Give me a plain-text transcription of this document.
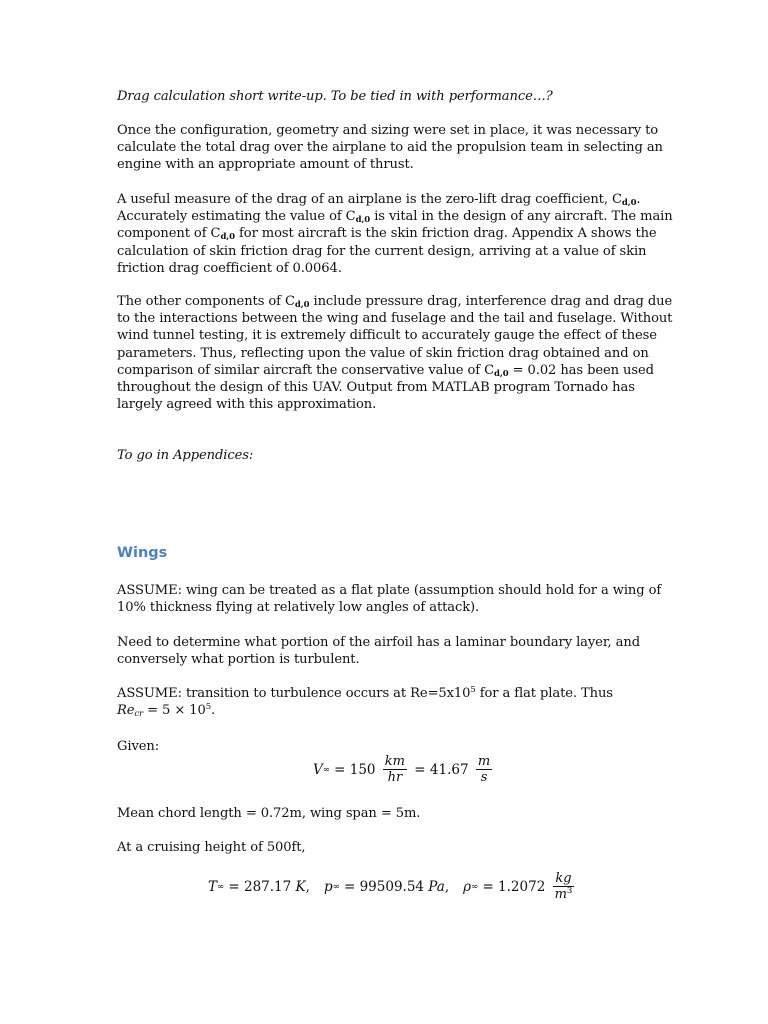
Drag calculation short write-up. To be tied in with performance…?
Once the configuration, geometry and sizing were set in place, it was necessary to
calculate the total drag over the airplane to aid the propulsion team in selecting an
engine with an appropriate amount of thrust.
A useful measure of the drag of an airplane is the zero-lift drag coefficient, $C_{d,0}$.
Accurately estimating the value of $C_{d,0}$ is vital in the design of any aircraft. The main
component of $C_{d,0}$ for most aircraft is the skin friction drag. Appendix A shows the
calculation of skin friction drag for the current design, arriving at a value of skin
friction drag coefficient of 0.0064.
The other components of $C_{d,0}$ include pressure drag, interference drag and drag due
to the interactions between the wing and fuselage and the tail and fuselage. Without
wind tunnel testing, it is extremely difficult to accurately gauge the effect of these
parameters. Thus, reflecting upon the value of skin friction drag obtained and on
comparison of similar aircraft the conservative value of $C_{d,0} = 0.02$ has been used
throughout the design of this UAV. Output from MATLAB program Tornado has
largely agreed with this approximation.
To go in Appendices:
Wings
ASSUME: wing can be treated as a flat plate (assumption should hold for a wing of
10% thickness flying at relatively low angles of attack).
Need to determine what portion of the airfoil has a laminar boundary layer, and
conversely what portion is turbulent.
ASSUME: transition to turbulence occurs at $Re=5x10^5$ for a flat plate. Thus
$Re_{cr} = 5 \times 10^5$.
Given:
V ∞ = $150 \frac{km}{hr} = 41.67 \frac{m}{s}$
Mean chord length = 0.72m, wing span = 5m.
At a cruising height of 500ft,
T ∞ = 287.17 K , p ∞ = 99509.54 Pa , ρ ∞ = $1.2072 \frac{kg}{m^3}$
